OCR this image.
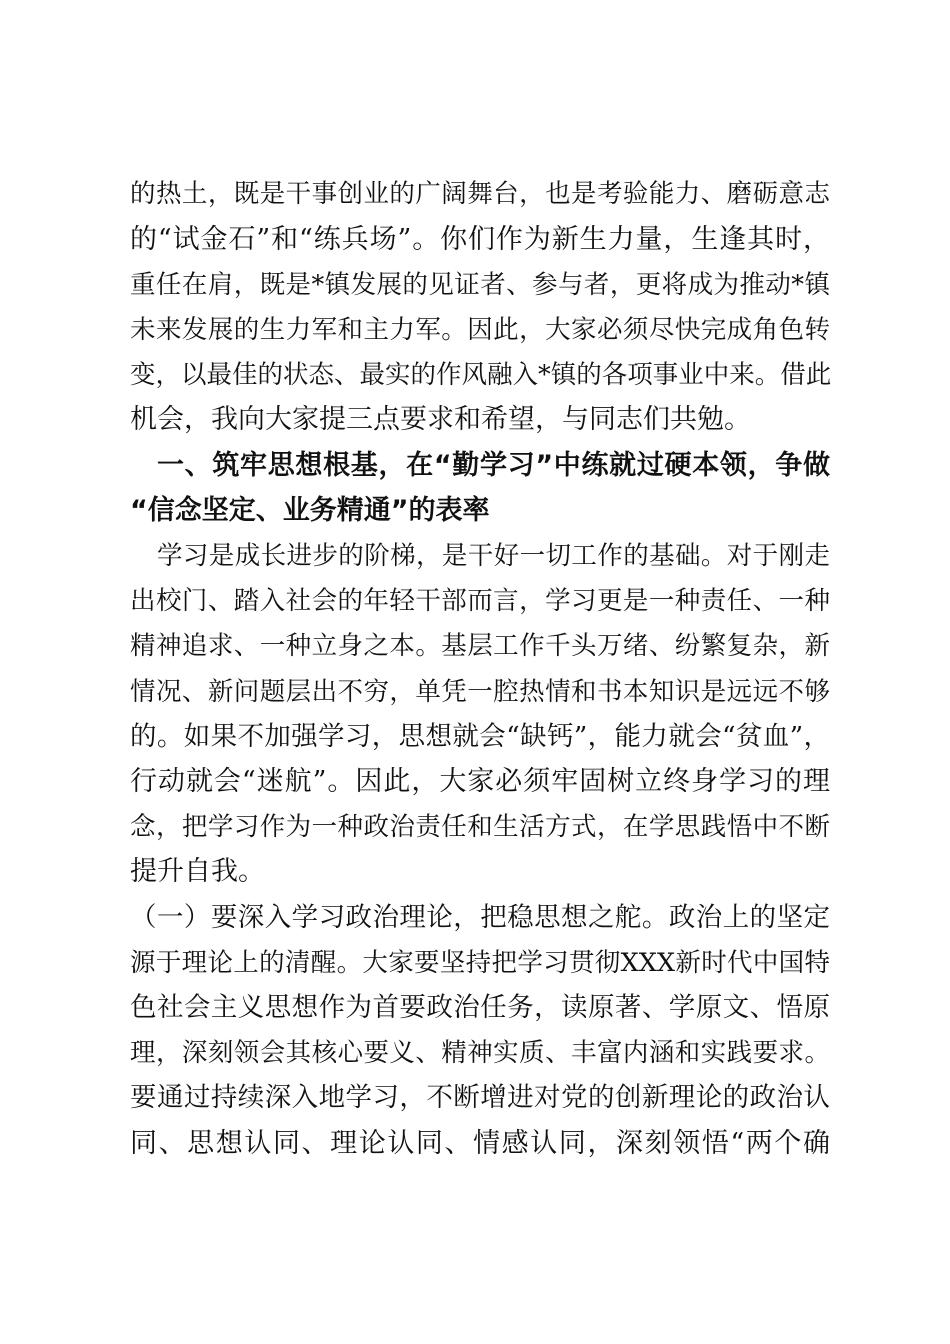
的热土，既是干事创业的广阔舞台，也是考验能力、磨砺意志
的“试金石”和“练兵场”。你们作为新生力量，生逢其时，
重任在肩，既是*镇发展的见证者、参与者，更将成为推动*镇
未来发展的生力军和主力军。因此，大家必须尽快完成角色转
变，以最佳的状态、最实的作风融入*镇的各项事业中来。借此
机会，我向大家提三点要求和希望，与同志们共勉。
一、筑牢思想根基，在“勤学习”中练就过硬本领，争做
“信念坚定、业务精通”的表率
学习是成长进步的阶梯，是干好一切工作的基础。对于刚走
出校门、踏入社会的年轻干部而言，学习更是一种责任、一种
精神追求、一种立身之本。基层工作千头万绪、纷繁复杂，新
情况、新问题层出不穷，单凭一腔热情和书本知识是远远不够
的。如果不加强学习，思想就会“缺钙”，能力就会“贫血”，
行动就会“迷航”。因此，大家必须牢固树立终身学习的理
念，把学习作为一种政治责任和生活方式，在学思践悟中不断
提升自我。
（一）要深入学习政治理论，把稳思想之舵。政治上的坚定
源于理论上的清醒。大家要坚持把学习贯彻XXX新时代中国特
色社会主义思想作为首要政治任务，读原著、学原文、悟原
理，深刻领会其核心要义、精神实质、丰富内涵和实践要求。
要通过持续深入地学习，不断增进对党的创新理论的政治认
同、思想认同、理论认同、情感认同，深刻领悟“两个确
